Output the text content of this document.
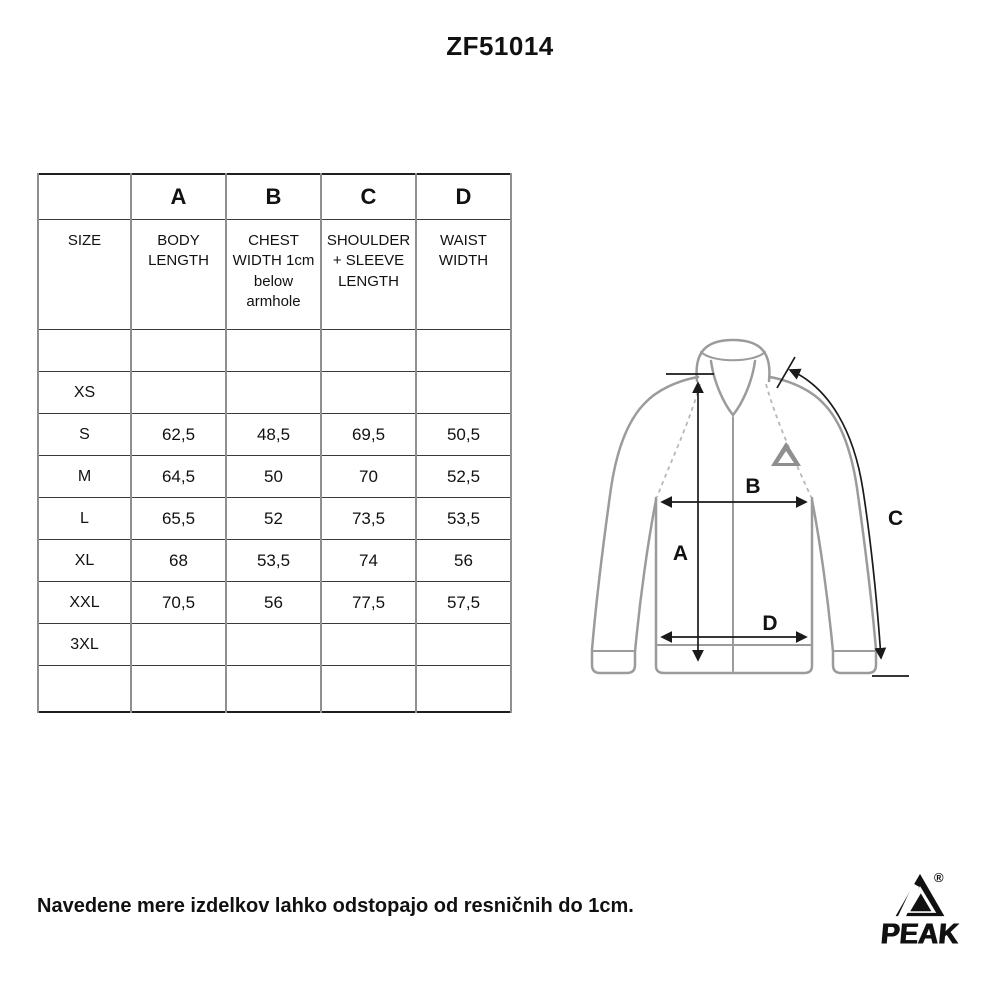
ZF51014
	A	B	C	D
SIZE	BODY LENGTH	CHEST WIDTH 1cm below armhole	SHOULDER + SLEEVE LENGTH	WAIST WIDTH

XS				
S	62,5	48,5	69,5	50,5
M	64,5	50	70	52,5
L	65,5	52	73,5	53,5
XL	68	53,5	74	56
XXL	70,5	56	77,5	57,5
3XL				

A
B
C
D
Navedene mere izdelkov lahko odstopajo od resničnih do 1cm.
®
PEAK
